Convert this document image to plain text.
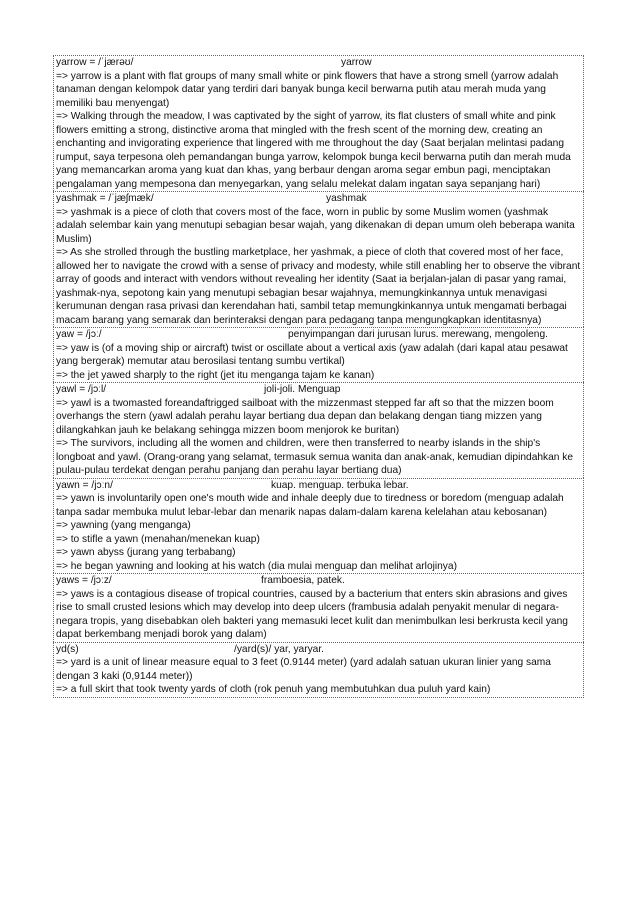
yarrow = /ˈjærəʊ/	yarrow

=> yarrow is a plant with flat groups of many small white or pink flowers that have a strong smell (yarrow adalah tanaman dengan kelompok datar yang terdiri dari banyak bunga kecil berwarna putih atau merah muda yang memiliki bau menyengat)

=> Walking through the meadow, I was captivated by the sight of yarrow, its flat clusters of small white and pink flowers emitting a strong, distinctive aroma that mingled with the fresh scent of the morning dew, creating an enchanting and invigorating experience that lingered with me throughout the day (Saat berjalan melintasi padang rumput, saya terpesona oleh pemandangan bunga yarrow, kelompok bunga kecil berwarna putih dan merah muda yang memancarkan aroma yang kuat dan khas, yang berbaur dengan aroma segar embun pagi, menciptakan pengalaman yang mempesona dan menyegarkan, yang selalu melekat dalam ingatan saya sepanjang hari)

yashmak = /ˈjæʃmæk/	yashmak

=> yashmak is a piece of cloth that covers most of the face, worn in public by some Muslim women (yashmak adalah selembar kain yang menutupi sebagian besar wajah, yang dikenakan di depan umum oleh beberapa wanita Muslim)

=> As she strolled through the bustling marketplace, her yashmak, a piece of cloth that covered most of her face, allowed her to navigate the crowd with a sense of privacy and modesty, while still enabling her to observe the vibrant array of goods and interact with vendors without revealing her identity (Saat ia berjalan-jalan di pasar yang ramai, yashmak-nya, sepotong kain yang menutupi sebagian besar wajahnya, memungkinkannya untuk menavigasi kerumunan dengan rasa privasi dan kerendahan hati, sambil tetap memungkinkannya untuk mengamati berbagai macam barang yang semarak dan berinteraksi dengan para pedagang tanpa mengungkapkan identitasnya)

yaw = /jɔː/	penyimpangan dari jurusan lurus. merewang, mengoleng.

=> yaw is (of a moving ship or aircraft) twist or oscillate about a vertical axis (yaw adalah (dari kapal atau pesawat yang bergerak) memutar atau berosilasi tentang sumbu vertikal)

=> the jet yawed sharply to the right (jet itu menganga tajam ke kanan)

yawl = /jɔːl/	joli-joli. Menguap

=> yawl is a twomasted foreandaftrigged sailboat with the mizzenmast stepped far aft so that the mizzen boom overhangs the stern (yawl adalah perahu layar bertiang dua depan dan belakang dengan tiang mizzen yang dilangkahkan jauh ke belakang sehingga mizzen boom menjorok ke buritan)

=> The survivors, including all the women and children, were then transferred to nearby islands in the ship's longboat and yawl. (Orang-orang yang selamat, termasuk semua wanita dan anak-anak, kemudian dipindahkan ke pulau-pulau terdekat dengan perahu panjang dan perahu layar bertiang dua)

yawn = /jɔːn/	kuap. menguap. terbuka lebar.

=> yawn is involuntarily open one's mouth wide and inhale deeply due to tiredness or boredom (menguap adalah tanpa sadar membuka mulut lebar-lebar dan menarik napas dalam-dalam karena kelelahan atau kebosanan)

=> yawning (yang menganga)

=> to stifle a yawn (menahan/menekan kuap)

=> yawn abyss (jurang yang terbabang)

=> he began yawning and looking at his watch (dia mulai menguap dan melihat arlojinya)

yaws = /jɔːz/	framboesia, patek.

=> yaws is a contagious disease of tropical countries, caused by a bacterium that enters skin abrasions and gives rise to small crusted lesions which may develop into deep ulcers (frambusia adalah penyakit menular di negara-negara tropis, yang disebabkan oleh bakteri yang memasuki lecet kulit dan menimbulkan lesi berkrusta kecil yang dapat berkembang menjadi borok yang dalam)

yd(s)	/yard(s)/ yar, yaryar.

=> yard is a unit of linear measure equal to 3 feet (0.9144 meter) (yard adalah satuan ukuran linier yang sama dengan 3 kaki (0,9144 meter))

=> a full skirt that took twenty yards of cloth (rok penuh yang membutuhkan dua puluh yard kain)
